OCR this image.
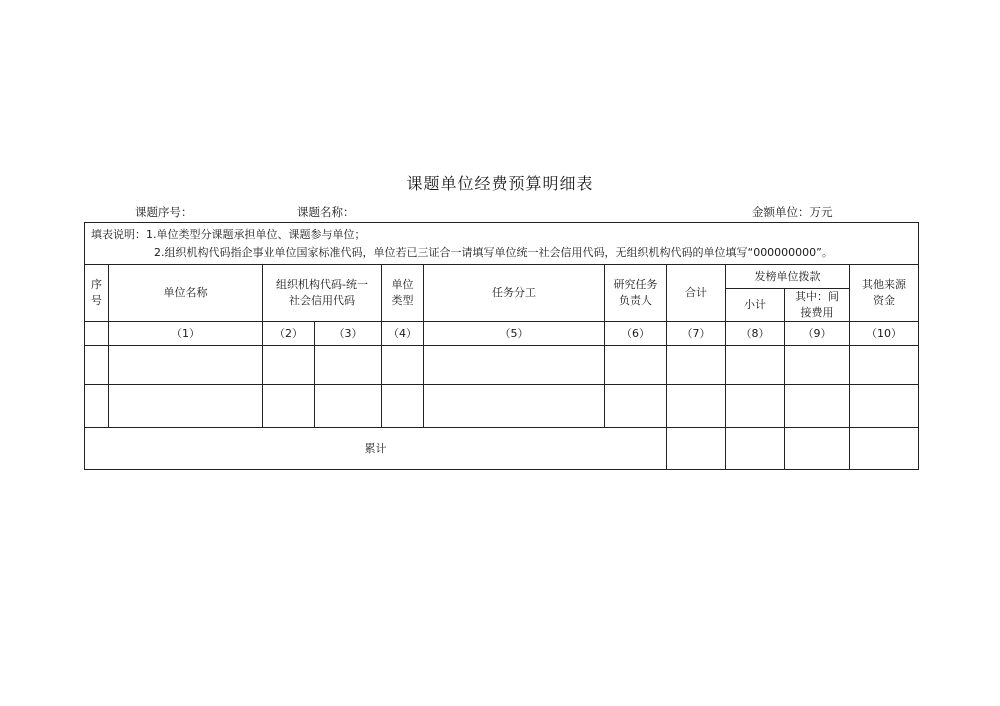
课题单位经费预算明细表
课题序号：	课题名称：	金额单位：万元
填表说明：1.单位类型分课题承担单位、课题参与单位；
2.组织机构代码指企事业单位国家标准代码，单位若已三证合一请填写单位统一社会信用代码，无组织机构代码的单位填写“000000000”。										

序号	单位名称	组织机构代码-统一社会信用代码		单位类型	任务分工	研究任务负责人	合计	发榜单位拨款		其他来源资金
								小计	其中：间接费用	
	（1）	（2）	（3）	（4）	（5）	（6）	（7）	（8）	（9）	（10）

累计										
